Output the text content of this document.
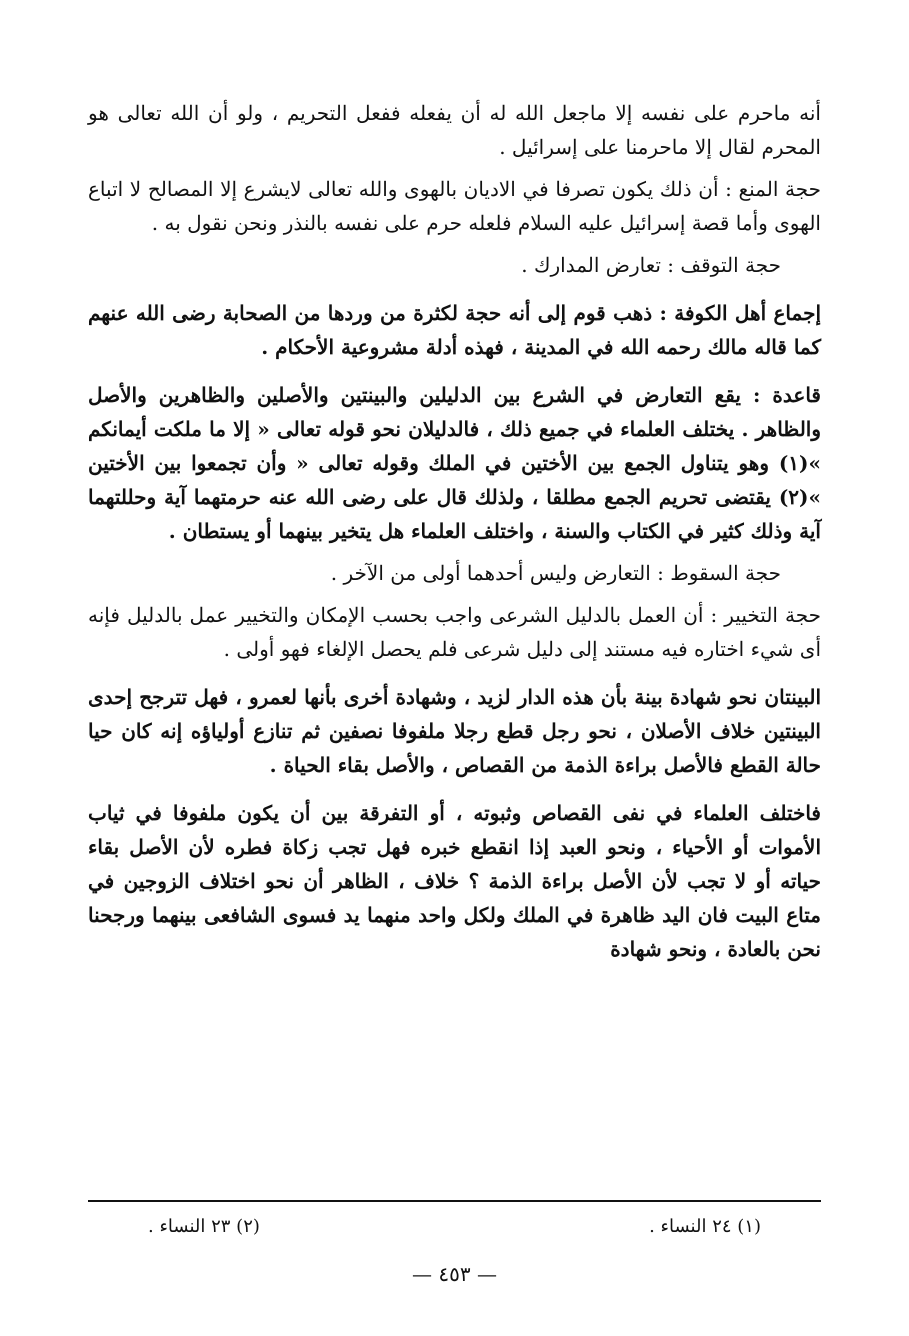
أنه ماحرم على نفسه إلا ماجعل الله له أن يفعله ففعل التحريم ، ولو أن الله تعالى هو المحرم لقال إلا ماحرمنا على إسرائيل .

حجة المنع : أن ذلك يكون تصرفا في الاديان بالهوى والله تعالى لايشرع إلا المصالح لا اتباع الهوى وأما قصة إسرائيل عليه السلام فلعله حرم على نفسه بالنذر ونحن نقول به .

حجة التوقف : تعارض المدارك .

إجماع أهل الكوفة : ذهب قوم إلى أنه حجة لكثرة من وردها من الصحابة رضى الله عنهم كما قاله مالك رحمه الله في المدينة ، فهذه أدلة مشروعية الأحكام .

قاعدة : يقع التعارض في الشرع بين الدليلين والبينتين والأصلين والظاهرين والأصل والظاهر . يختلف العلماء في جميع ذلك ، فالدليلان نحو قوله تعالى « إلا ما ملكت أيمانكم »(١) وهو يتناول الجمع بين الأختين في الملك وقوله تعالى « وأن تجمعوا بين الأختين »(٢) يقتضى تحريم الجمع مطلقا ، ولذلك قال على رضى الله عنه حرمتهما آية وحللتهما آية وذلك كثير في الكتاب والسنة ، واختلف العلماء هل يتخير بينهما أو يستطان .

حجة السقوط : التعارض وليس أحدهما أولى من الآخر .

حجة التخيير : أن العمل بالدليل الشرعى واجب بحسب الإمكان والتخيير عمل بالدليل فإنه أى شيء اختاره فيه مستند إلى دليل شرعى فلم يحصل الإلغاء فهو أولى .

البينتان نحو شهادة بينة بأن هذه الدار لزيد ، وشهادة أخرى بأنها لعمرو ، فهل تترجح إحدى البينتين خلاف الأصلان ، نحو رجل قطع رجلا ملفوفا نصفين ثم تنازع أولياؤه إنه كان حيا حالة القطع فالأصل براءة الذمة من القصاص ، والأصل بقاء الحياة .

فاختلف العلماء في نفى القصاص وثبوته ، أو التفرقة بين أن يكون ملفوفا في ثياب الأموات أو الأحياء ، ونحو العبد إذا انقطع خبره فهل تجب زكاة فطره لأن الأصل بقاء حياته أو لا تجب لأن الأصل براءة الذمة ؟ خلاف ، الظاهر أن نحو اختلاف الزوجين في متاع البيت فان اليد ظاهرة في الملك ولكل واحد منهما يد فسوى الشافعى بينهما ورجحنا نحن بالعادة ، ونحو شهادة

(١) ٢٤ النساء .
(٢) ٢٣ النساء .
— ٤٥٣ —
